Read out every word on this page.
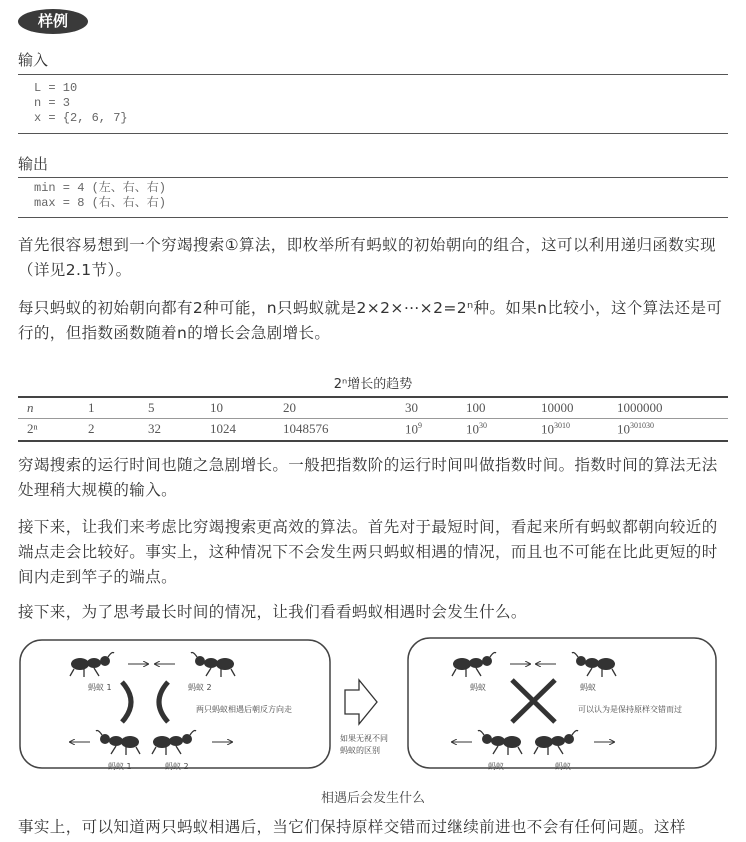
样例
输入
L = 10
n = 3
x = {2, 6, 7}
输出
min = 4 (左、右、右)
max = 8 (右、右、右)
首先很容易想到一个穷竭搜索①算法，即枚举所有蚂蚁的初始朝向的组合，这可以利用递归函数实现（详见2.1节）。
每只蚂蚁的初始朝向都有2种可能，n只蚂蚁就是2×2×⋯×2=2ⁿ种。如果n比较小，这个算法还是可行的，但指数函数随着n的增长会急剧增长。
2ⁿ增长的趋势
n	1	5	10	20	30	100	10000	1000000
2ⁿ	2	32	1024	1048576	$10^9$	$10^{30}$	$10^{3010}$	$10^{301030}$
穷竭搜索的运行时间也随之急剧增长。一般把指数阶的运行时间叫做指数时间。指数时间的算法无法处理稍大规模的输入。
接下来，让我们来考虑比穷竭搜索更高效的算法。首先对于最短时间，看起来所有蚂蚁都朝向较近的端点走会比较好。事实上，这种情况下不会发生两只蚂蚁相遇的情况，而且也不可能在比此更短的时间内走到竿子的端点。
接下来，为了思考最长时间的情况，让我们看看蚂蚁相遇时会发生什么。
蚂蚁 1	蚂蚁 2
两只蚂蚁相遇后朝反方向走
蚂蚁 1	蚂蚁 2
如果无视不同
蚂蚁的区别
蚂蚁	蚂蚁
可以认为是保持原样交错而过
蚂蚁	蚂蚁
相遇后会发生什么
事实上，可以知道两只蚂蚁相遇后，当它们保持原样交错而过继续前进也不会有任何问题。这样
